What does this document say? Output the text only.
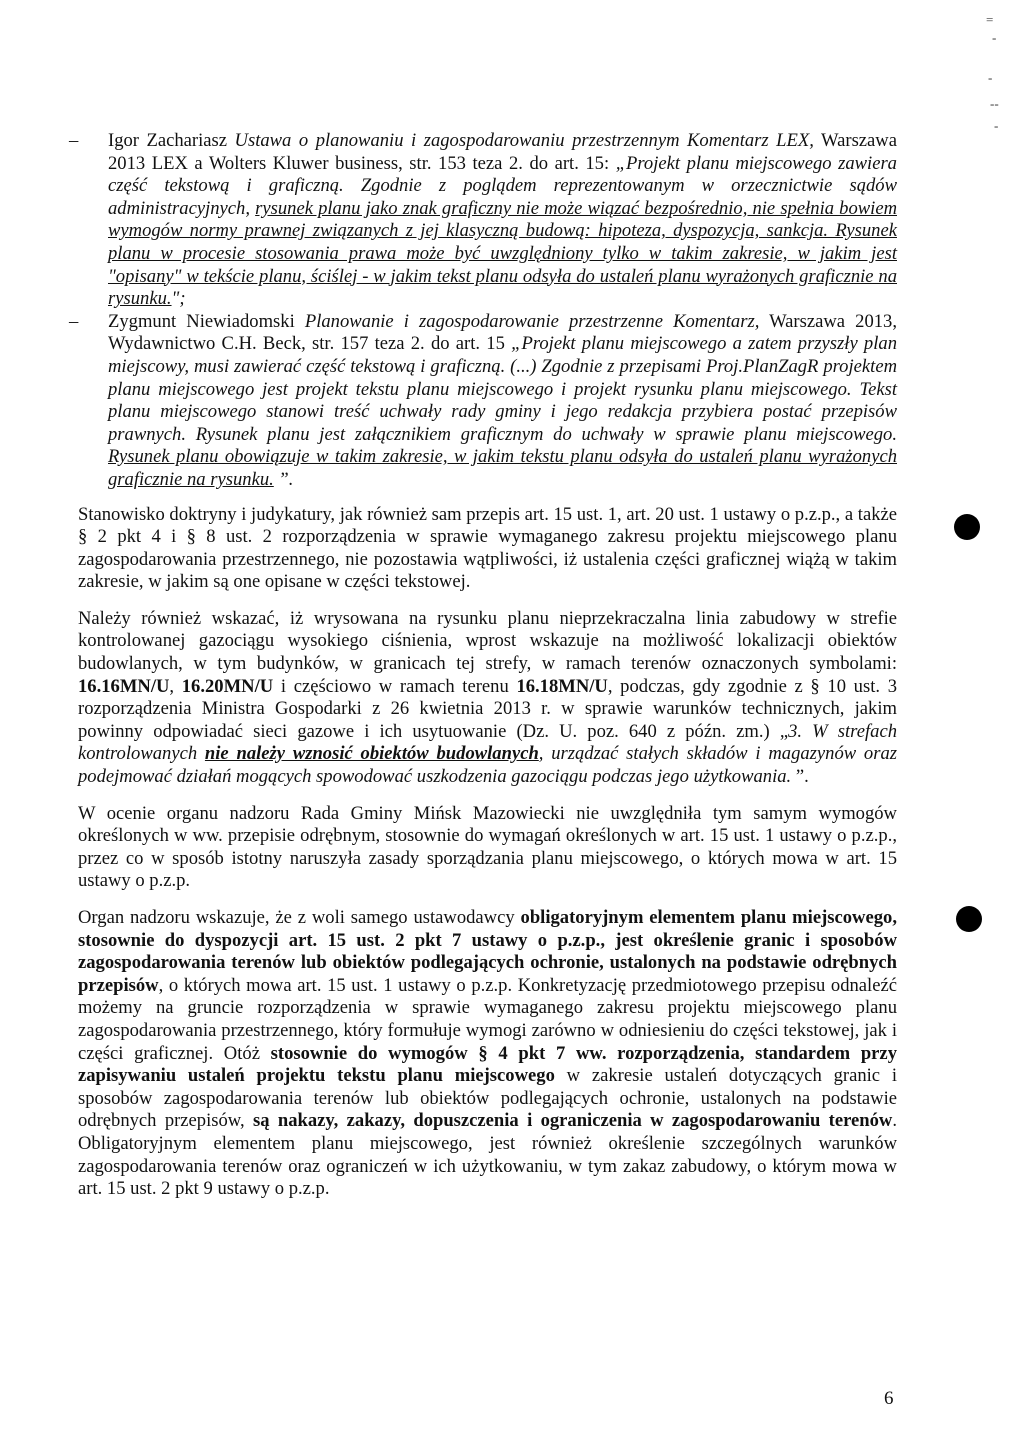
=
-
-
--
-

– Igor Zachariasz Ustawa o planowaniu i zagospodarowaniu przestrzennym Komentarz LEX, Warszawa 2013 LEX a Wolters Kluwer business, str. 153 teza 2. do art. 15: „Projekt planu miejscowego zawiera część tekstową i graficzną. Zgodnie z poglądem reprezentowanym w orzecznictwie sądów administracyjnych, rysunek planu jako znak graficzny nie może wiązać bezpośrednio, nie spełnia bowiem wymogów normy prawnej związanych z jej klasyczną budową: hipoteza, dyspozycja, sankcja. Rysunek planu w procesie stosowania prawa może być uwzględniony tylko w takim zakresie, w jakim jest "opisany" w tekście planu, ściślej - w jakim tekst planu odsyła do ustaleń planu wyrażonych graficznie na rysunku.";

– Zygmunt Niewiadomski Planowanie i zagospodarowanie przestrzenne Komentarz, Warszawa 2013, Wydawnictwo C.H. Beck, str. 157 teza 2. do art. 15 „Projekt planu miejscowego a zatem przyszły plan miejscowy, musi zawierać część tekstową i graficzną. (...) Zgodnie z przepisami Proj.PlanZagR projektem planu miejscowego jest projekt tekstu planu miejscowego i projekt rysunku planu miejscowego. Tekst planu miejscowego stanowi treść uchwały rady gminy i jego redakcja przybiera postać przepisów prawnych. Rysunek planu jest załącznikiem graficznym do uchwały w sprawie planu miejscowego. Rysunek planu obowiązuje w takim zakresie, w jakim tekstu planu odsyła do ustaleń planu wyrażonych graficznie na rysunku. ”.

Stanowisko doktryny i judykatury, jak również sam przepis art. 15 ust. 1, art. 20 ust. 1 ustawy o p.z.p., a także § 2 pkt 4 i § 8 ust. 2 rozporządzenia w sprawie wymaganego zakresu projektu miejscowego planu zagospodarowania przestrzennego, nie pozostawia wątpliwości, iż ustalenia części graficznej wiążą w takim zakresie, w jakim są one opisane w części tekstowej.

Należy również wskazać, iż wrysowana na rysunku planu nieprzekraczalna linia zabudowy w strefie kontrolowanej gazociągu wysokiego ciśnienia, wprost wskazuje na możliwość lokalizacji obiektów budowlanych, w tym budynków, w granicach tej strefy, w ramach terenów oznaczonych symbolami: 16.16MN/U, 16.20MN/U i częściowo w ramach terenu 16.18MN/U, podczas, gdy zgodnie z § 10 ust. 3 rozporządzenia Ministra Gospodarki z 26 kwietnia 2013 r. w sprawie warunków technicznych, jakim powinny odpowiadać sieci gazowe i ich usytuowanie (Dz. U. poz. 640 z późn. zm.) „3. W strefach kontrolowanych nie należy wznosić obiektów budowlanych, urządzać stałych składów i magazynów oraz podejmować działań mogących spowodować uszkodzenia gazociągu podczas jego użytkowania. ”.

W ocenie organu nadzoru Rada Gminy Mińsk Mazowiecki nie uwzględniła tym samym wymogów określonych w ww. przepisie odrębnym, stosownie do wymagań określonych w art. 15 ust. 1 ustawy o p.z.p., przez co w sposób istotny naruszyła zasady sporządzania planu miejscowego, o których mowa w art. 15 ustawy o p.z.p.

Organ nadzoru wskazuje, że z woli samego ustawodawcy obligatoryjnym elementem planu miejscowego, stosownie do dyspozycji art. 15 ust. 2 pkt 7 ustawy o p.z.p., jest określenie granic i sposobów zagospodarowania terenów lub obiektów podlegających ochronie, ustalonych na podstawie odrębnych przepisów, o których mowa art. 15 ust. 1 ustawy o p.z.p. Konkretyzację przedmiotowego przepisu odnaleźć możemy na gruncie rozporządzenia w sprawie wymaganego zakresu projektu miejscowego planu zagospodarowania przestrzennego, który formułuje wymogi zarówno w odniesieniu do części tekstowej, jak i części graficznej. Otóż stosownie do wymogów § 4 pkt 7 ww. rozporządzenia, standardem przy zapisywaniu ustaleń projektu tekstu planu miejscowego w zakresie ustaleń dotyczących granic i sposobów zagospodarowania terenów lub obiektów podlegających ochronie, ustalonych na podstawie odrębnych przepisów, są nakazy, zakazy, dopuszczenia i ograniczenia w zagospodarowaniu terenów. Obligatoryjnym elementem planu miejscowego, jest również określenie szczególnych warunków zagospodarowania terenów oraz ograniczeń w ich użytkowaniu, w tym zakaz zabudowy, o którym mowa w art. 15 ust. 2 pkt 9 ustawy o p.z.p.

6
